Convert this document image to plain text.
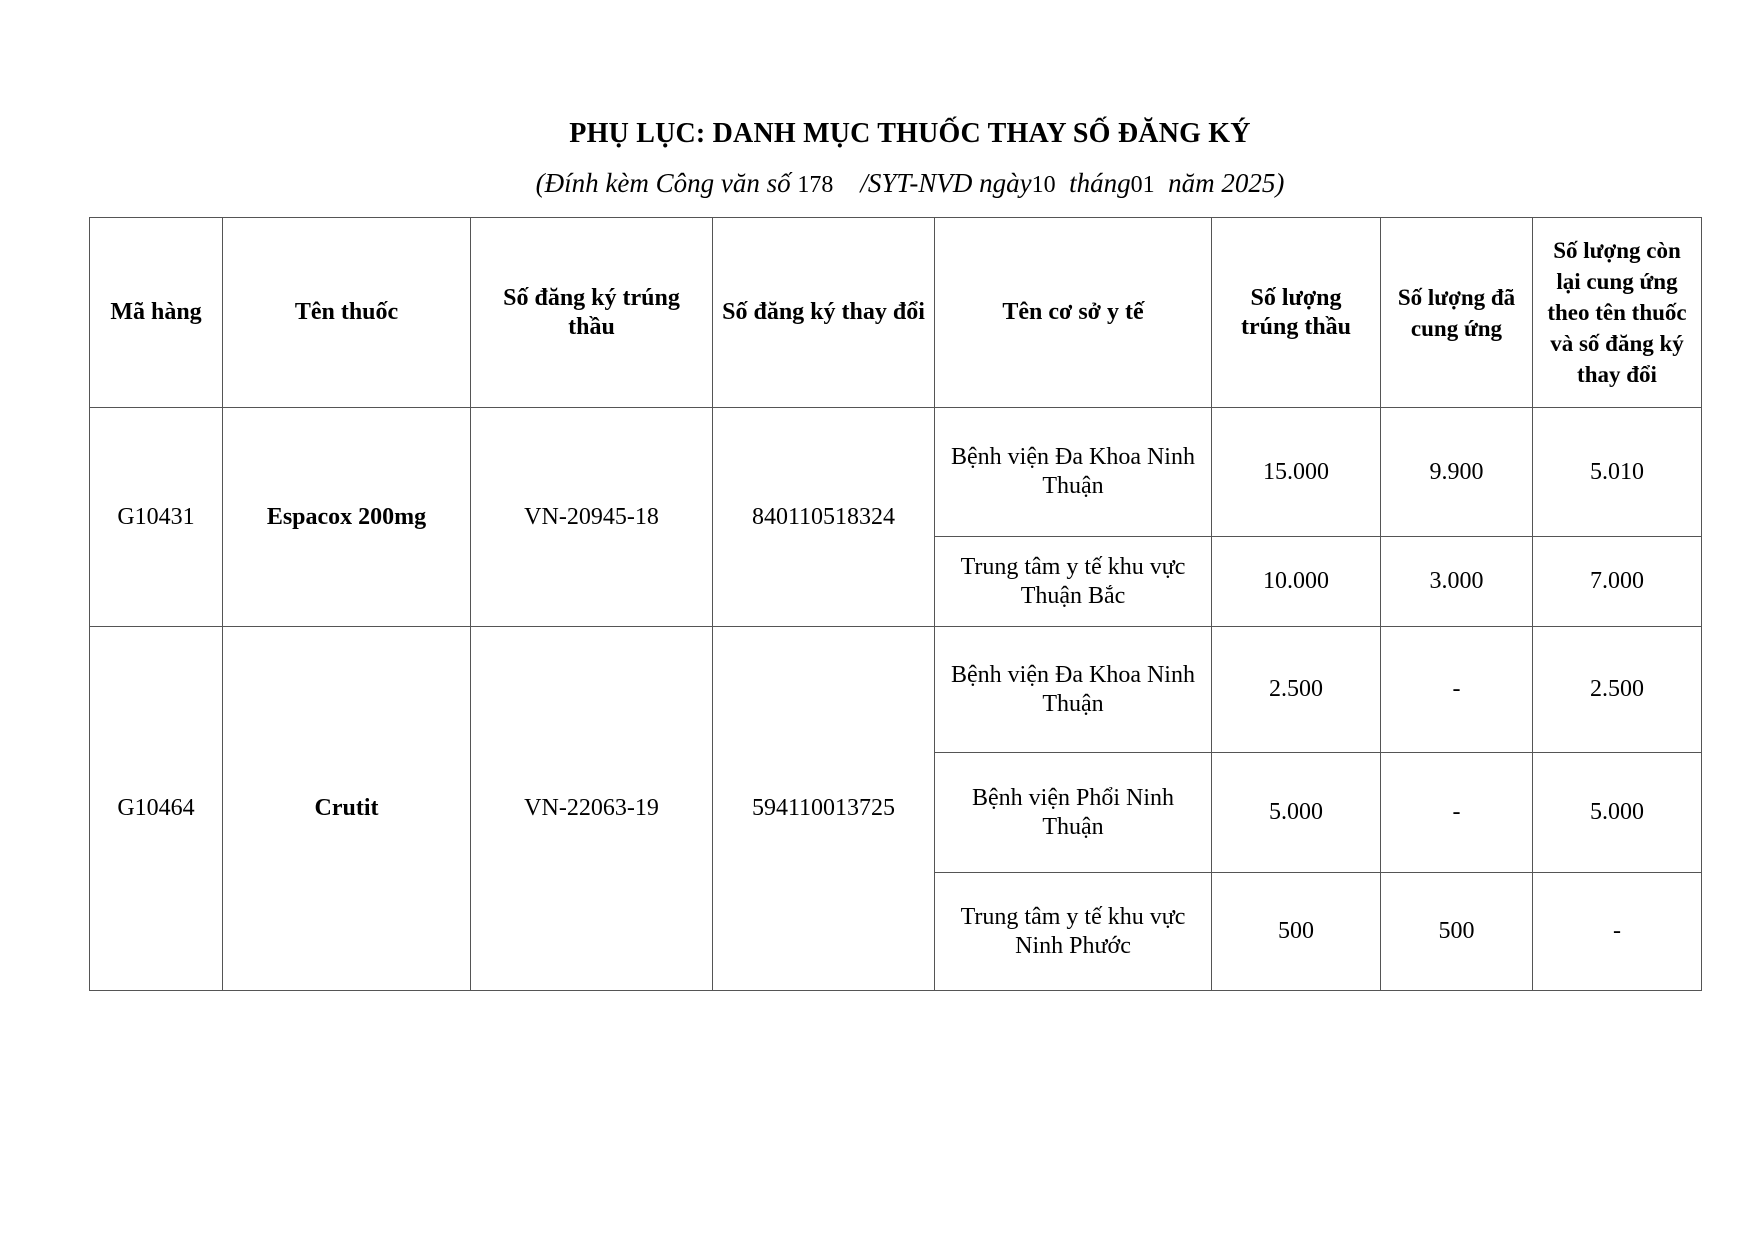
PHỤ LỤC: DANH MỤC THUỐC THAY SỐ ĐĂNG KÝ
(Đính kèm Công văn số 178    /SYT-NVD ngày10  tháng01  năm 2025)
Mã hàng	Tên thuốc	Số đăng ký trúng thầu	Số đăng ký thay đổi	Tên cơ sở y tế	Số lượng trúng thầu	Số lượng đã cung ứng	Số lượng còn lại cung ứng theo tên thuốc và số đăng ký thay đổi
G10431	Espacox 200mg	VN-20945-18	840110518324	Bệnh viện Đa Khoa Ninh Thuận	15.000	9.900	5.010
				Trung tâm y tế khu vực Thuận Bắc	10.000	3.000	7.000
G10464	Crutit	VN-22063-19	594110013725	Bệnh viện Đa Khoa Ninh Thuận	2.500	-	2.500
				Bệnh viện Phổi Ninh Thuận	5.000	-	5.000
				Trung tâm y tế khu vực Ninh Phước	500	500	-
